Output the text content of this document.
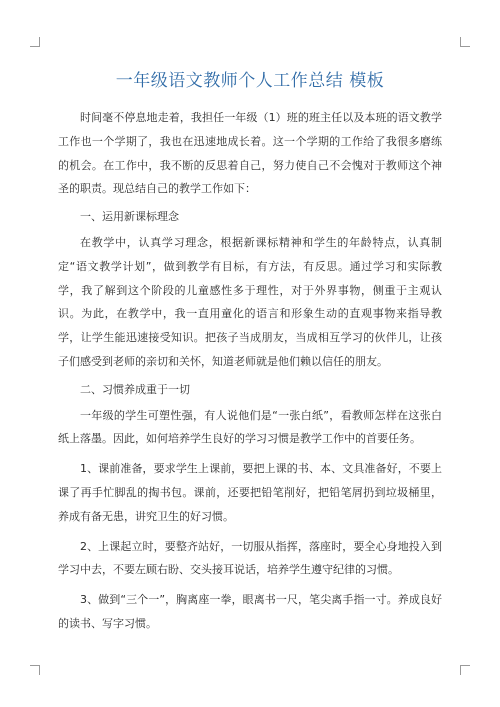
一年级语文教师个人工作总结 模板

时间毫不停息地走着，我担任一年级（1）班的班主任以及本班的语文教学工作也一个学期了，我也在迅速地成长着。这一个学期的工作给了我很多磨练的机会。在工作中，我不断的反思着自己，努力使自己不会愧对于教师这个神圣的职责。现总结自己的教学工作如下：

一、运用新课标理念

在教学中，认真学习理念，根据新课标精神和学生的年龄特点，认真制定“语文教学计划”，做到教学有目标，有方法，有反思。通过学习和实际教学，我了解到这个阶段的儿童感性多于理性，对于外界事物，侧重于主观认识。为此，在教学中，我一直用童化的语言和形象生动的直观事物来指导教学，让学生能迅速接受知识。把孩子当成朋友，当成相互学习的伙伴儿，让孩子们感受到老师的亲切和关怀，知道老师就是他们赖以信任的朋友。

二、习惯养成重于一切

一年级的学生可塑性强，有人说他们是“一张白纸”，看教师怎样在这张白纸上落墨。因此，如何培养学生良好的学习习惯是教学工作中的首要任务。

1、课前准备，要求学生上课前，要把上课的书、本、文具准备好，不要上课了再手忙脚乱的掏书包。课前，还要把铅笔削好，把铅笔屑扔到垃圾桶里，养成有备无患，讲究卫生的好习惯。

2、上课起立时，要整齐站好，一切服从指挥，落座时，要全心身地投入到学习中去，不要左顾右盼、交头接耳说话，培养学生遵守纪律的习惯。

3、做到“三个一”，胸离座一拳，眼离书一尺，笔尖离手指一寸。养成良好的读书、写字习惯。
